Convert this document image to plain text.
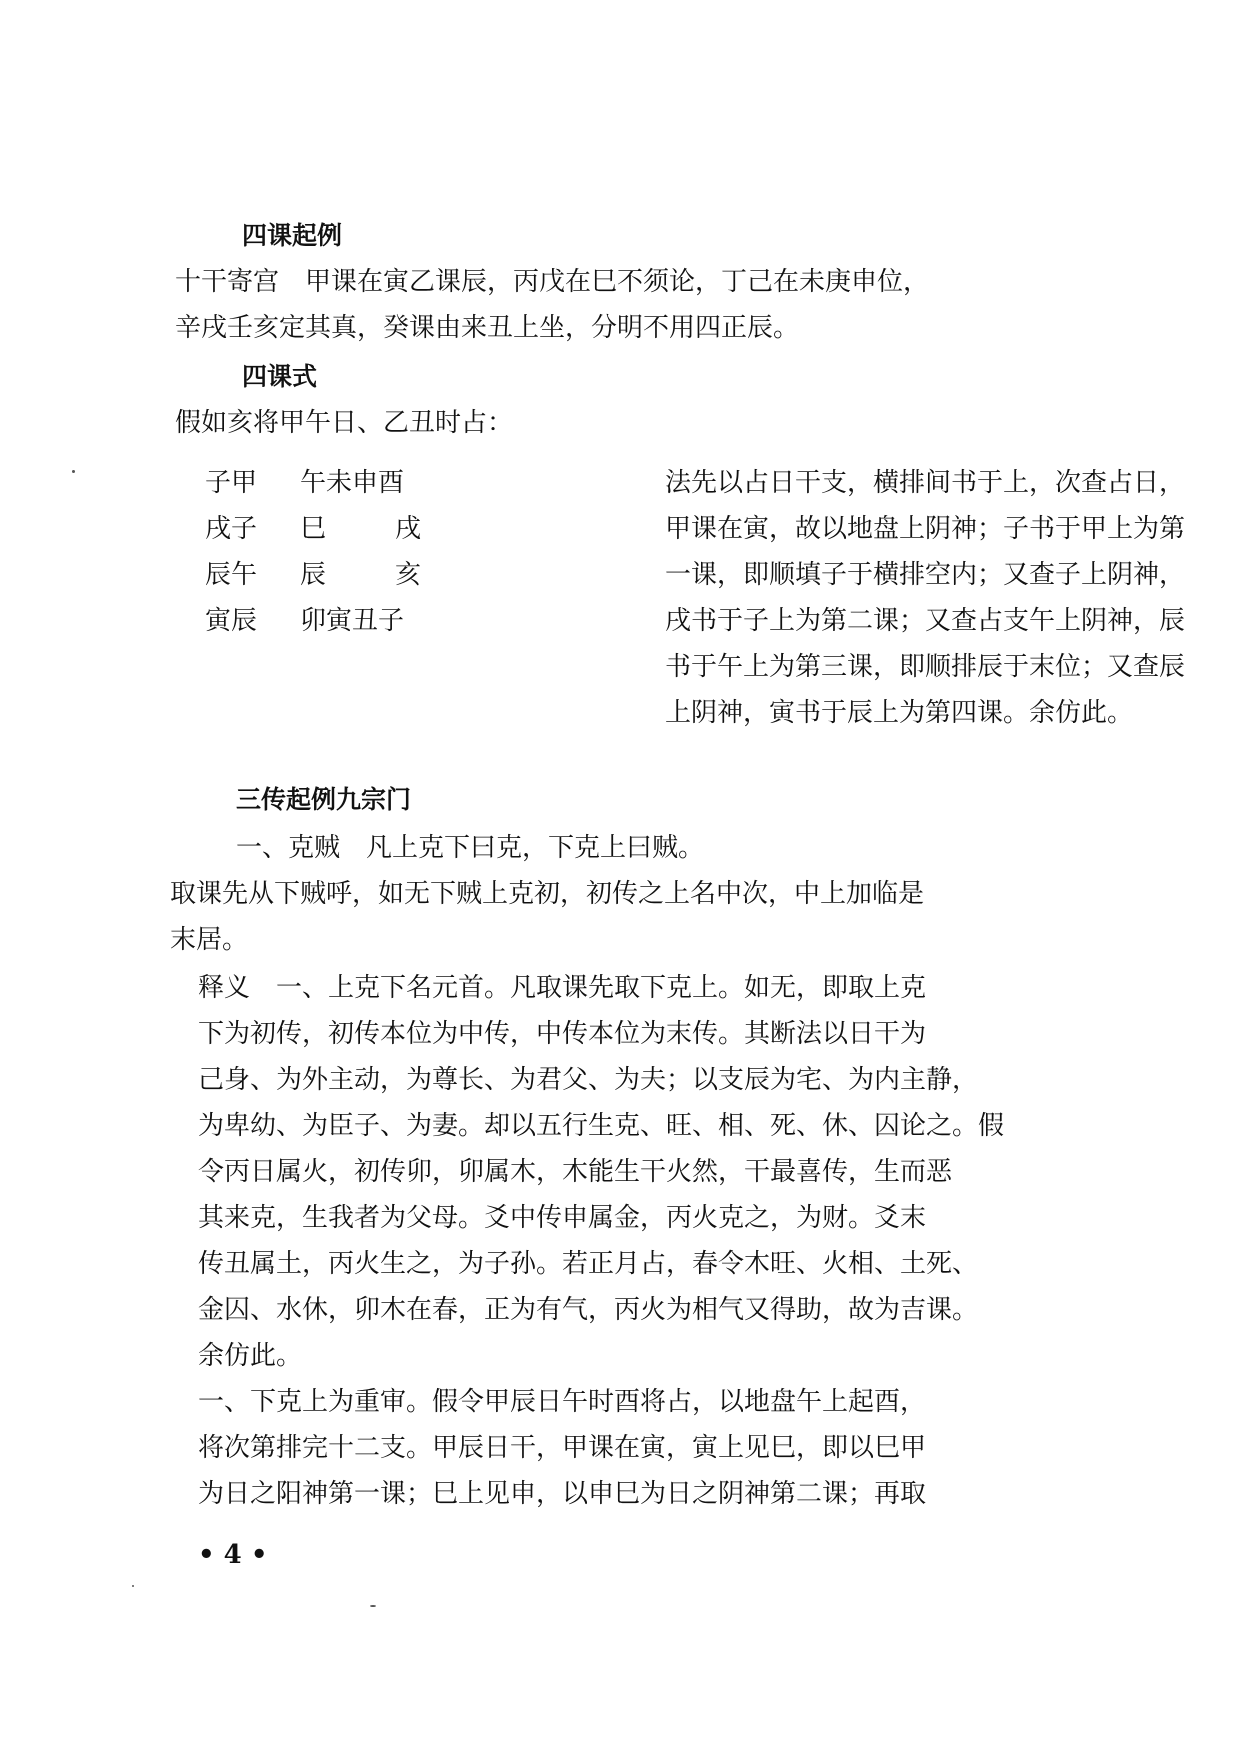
四课起例
十干寄宫　甲课在寅乙课辰，丙戊在巳不须论，丁己在未庚申位，
辛戌壬亥定其真，癸课由来丑上坐，分明不用四正辰。
四课式
假如亥将甲午日、乙丑时占：
子甲 午未申酉
戌子 巳	戌
辰午 辰	亥
寅辰 卯寅丑子
法先以占日干支，横排间书于上，次查占日，
甲课在寅，故以地盘上阴神；子书于甲上为第
一课，即顺填子于横排空内；又查子上阴神，
戌书于子上为第二课；又查占支午上阴神，辰
书于午上为第三课，即顺排辰于末位；又查辰
上阴神，寅书于辰上为第四课。余仿此。
三传起例九宗门
一、克贼　凡上克下曰克，下克上曰贼。
取课先从下贼呼，如无下贼上克初，初传之上名中次，中上加临是
末居。
释义　一、上克下名元首。凡取课先取下克上。如无，即取上克
下为初传，初传本位为中传，中传本位为末传。其断法以日干为
己身、为外主动，为尊长、为君父、为夫；以支辰为宅、为内主静，
为卑幼、为臣子、为妻。却以五行生克、旺、相、死、休、囚论之。假
令丙日属火，初传卯，卯属木，木能生干火然，干最喜传，生而恶
其来克，生我者为父母。爻中传申属金，丙火克之，为财。爻末
传丑属土，丙火生之，为子孙。若正月占，春令木旺、火相、土死、
金囚、水休，卯木在春，正为有气，丙火为相气又得助，故为吉课。
余仿此。
一、下克上为重审。假令甲辰日午时酉将占，以地盘午上起酉，
将次第排完十二支。甲辰日干，甲课在寅，寅上见巳，即以巳甲
为日之阳神第一课；巳上见申，以申巳为日之阴神第二课；再取
• 4 •
